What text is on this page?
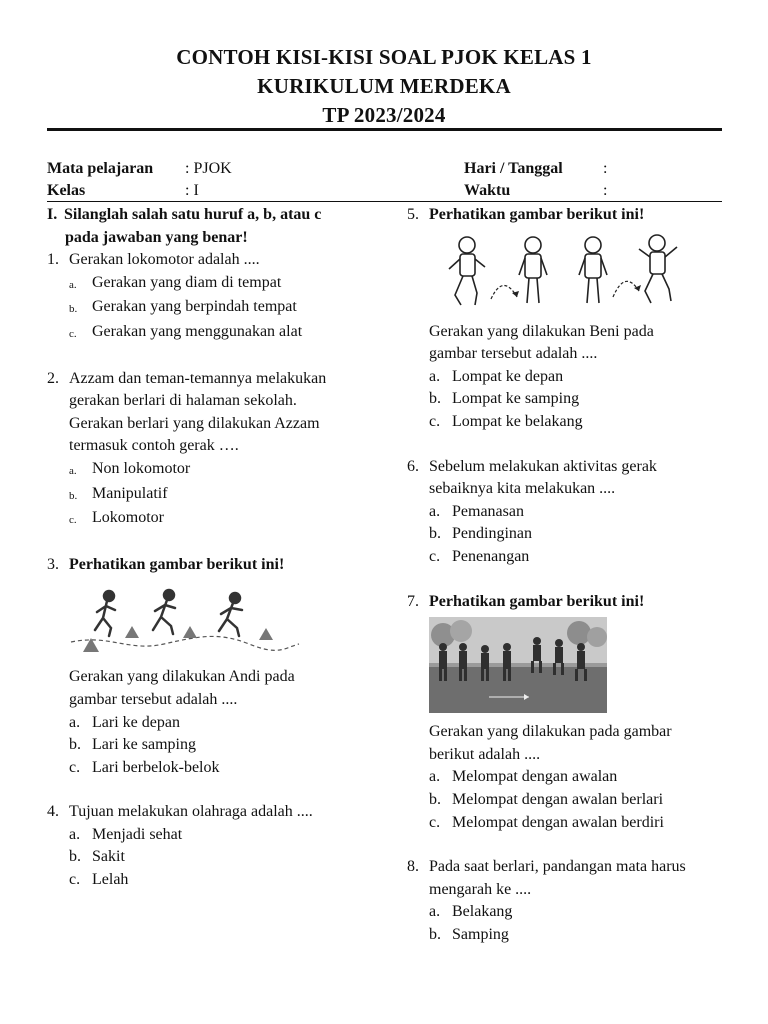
CONTOH KISI-KISI SOAL PJOK KELAS 1
KURIKULUM MERDEKA
TP 2023/2024
Mata pelajaran	: PJOK
Kelas	: I
Hari / Tanggal	:
Waktu	:
I. Silanglah salah satu huruf a, b, atau c
pada jawaban yang benar!
1. Gerakan lokomotor adalah ....
a. Gerakan yang diam di tempat
b. Gerakan yang berpindah tempat
c. Gerakan yang menggunakan alat
2. Azzam dan teman-temannya melakukan
gerakan berlari di halaman sekolah.
Gerakan berlari yang dilakukan Azzam
termasuk contoh gerak ….
a. Non lokomotor
b. Manipulatif
c. Lokomotor
3. Perhatikan gambar berikut ini!
Gerakan yang dilakukan Andi pada
gambar tersebut adalah ....
a. Lari ke depan
b. Lari ke samping
c. Lari berbelok-belok
4. Tujuan melakukan olahraga adalah ....
a. Menjadi sehat
b. Sakit
c. Lelah
5. Perhatikan gambar berikut ini!
Gerakan yang dilakukan Beni pada
gambar tersebut adalah ....
a. Lompat ke depan
b. Lompat ke samping
c. Lompat ke belakang
6. Sebelum melakukan aktivitas gerak
sebaiknya kita melakukan ....
a. Pemanasan
b. Pendinginan
c. Penenangan
7. Perhatikan gambar berikut ini!
Gerakan yang dilakukan pada gambar
berikut adalah ....
a. Melompat dengan awalan
b. Melompat dengan awalan berlari
c. Melompat dengan awalan berdiri
8. Pada saat berlari, pandangan mata harus
mengarah ke ....
a. Belakang
b. Samping
